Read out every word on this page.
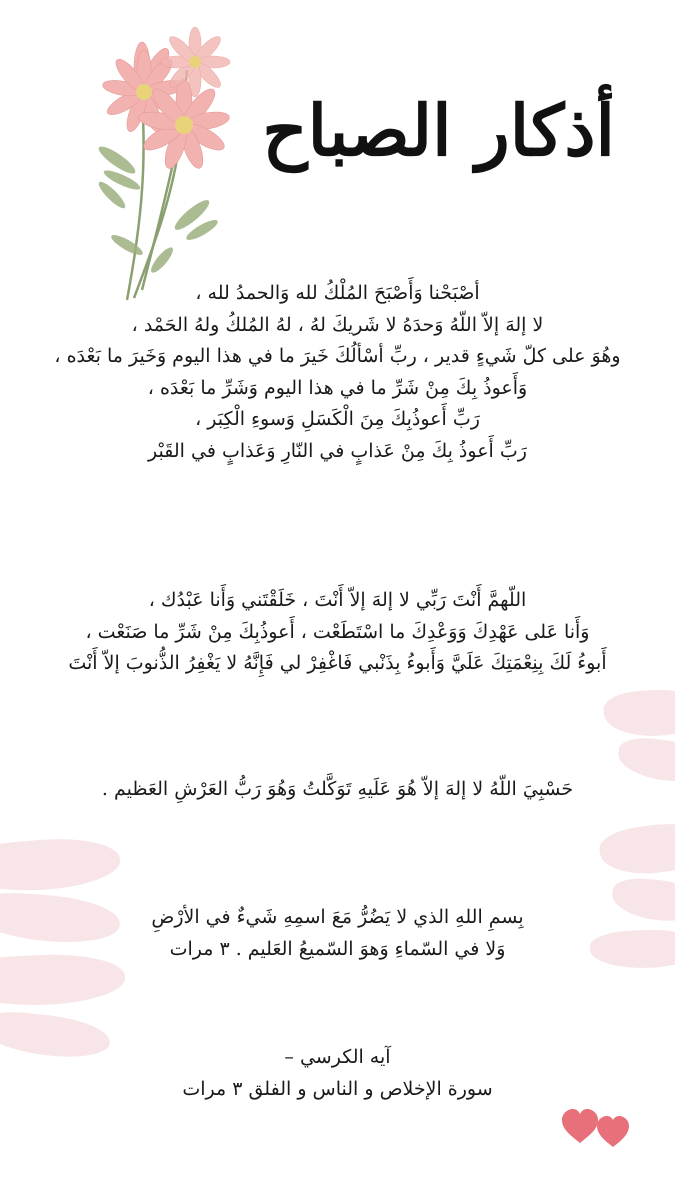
أذكار الصباح
أصْبَحْنا وَأَصْبَحَ المُلْكُ لله وَالحمدُ لله ،
لا إلهَ إلاّ اللّهُ وَحدَهُ لا شَريكَ لهُ ، لهُ المُلكُ ولهُ الحَمْد ،
وهُوَ على كلّ شَيءٍ قدير ، ربِّ أسْألُكَ خَيرَ ما في هذا اليوم وَخَيرَ ما بَعْدَه ،
وَأَعوذُ بِكَ مِنْ شَرِّ ما في هذا اليوم وَشَرِّ ما بَعْدَه ،
رَبِّ أَعوذُبِكَ مِنَ الْكَسَلِ وَسوءِ الْكِبَر ،
رَبِّ أَعوذُ بِكَ مِنْ عَذابٍ في النّارِ وَعَذابٍ في القَبْر
اللّهمَّ أَنْتَ رَبِّي لا إلهَ إلاّ أَنْتَ ، خَلَقْتَني وَأَنا عَبْدُك ،
وَأَنا عَلى عَهْدِكَ وَوَعْدِكَ ما اسْتَطَعْت ، أَعوذُبِكَ مِنْ شَرِّ ما صَنَعْت ،
أَبوءُ لَكَ بِنِعْمَتِكَ عَلَيَّ وَأَبوءُ بِذَنْبي فَاغْفِرْ لي فَإِنَّهُ لا يَغْفِرُ الذُّنوبَ إلاّ أَنْتَ
حَسْبِيَ اللّهُ لا إلهَ إلاّ هُوَ عَلَيهِ تَوَكَّلتُ وَهُوَ رَبُّ العَرْشِ العَظيم .
بِسمِ اللهِ الذي لا يَضُرُّ مَعَ اسمِهِ شَيءٌ في الأرْضِ
وَلا في السّماءِ وَهوَ السّميعُ العَليم . ٣ مرات
آيه الكرسي –
سورة الإخلاص و الناس و الفلق ٣ مرات
